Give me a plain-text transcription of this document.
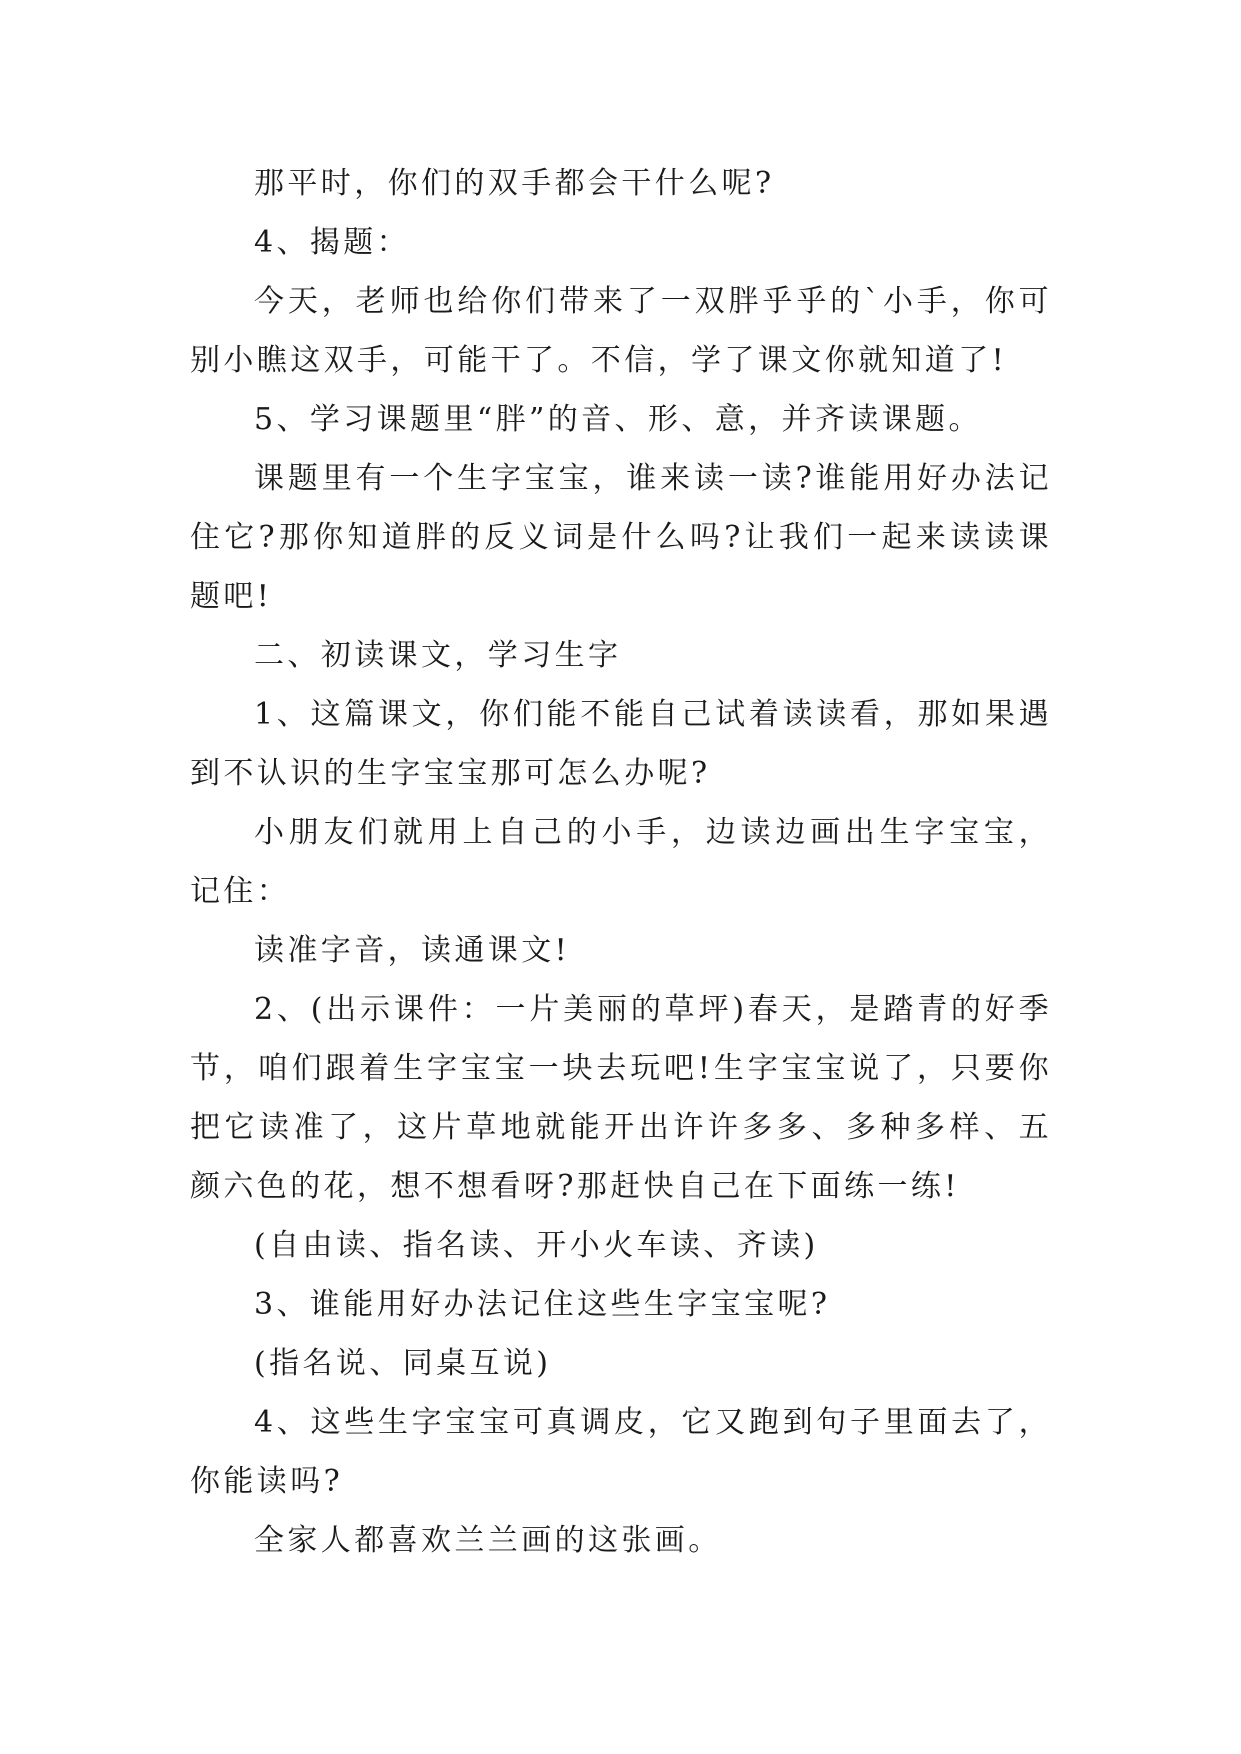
那平时，你们的双手都会干什么呢?

4、揭题：

今天，老师也给你们带来了一双胖乎乎的`小手，你可别小瞧这双手，可能干了。不信，学了课文你就知道了!

5、学习课题里“胖”的音、形、意，并齐读课题。

课题里有一个生字宝宝，谁来读一读?谁能用好办法记住它?那你知道胖的反义词是什么吗?让我们一起来读读课题吧!

二、初读课文，学习生字

1、这篇课文，你们能不能自己试着读读看，那如果遇到不认识的生字宝宝那可怎么办呢?

小朋友们就用上自己的小手，边读边画出生字宝宝，记住：

读准字音，读通课文!

2、(出示课件：一片美丽的草坪)春天，是踏青的好季节，咱们跟着生字宝宝一块去玩吧!生字宝宝说了，只要你把它读准了，这片草地就能开出许许多多、多种多样、五颜六色的花，想不想看呀?那赶快自己在下面练一练!

(自由读、指名读、开小火车读、齐读)

3、谁能用好办法记住这些生字宝宝呢?

(指名说、同桌互说)

4、这些生字宝宝可真调皮，它又跑到句子里面去了，你能读吗?

全家人都喜欢兰兰画的这张画。
